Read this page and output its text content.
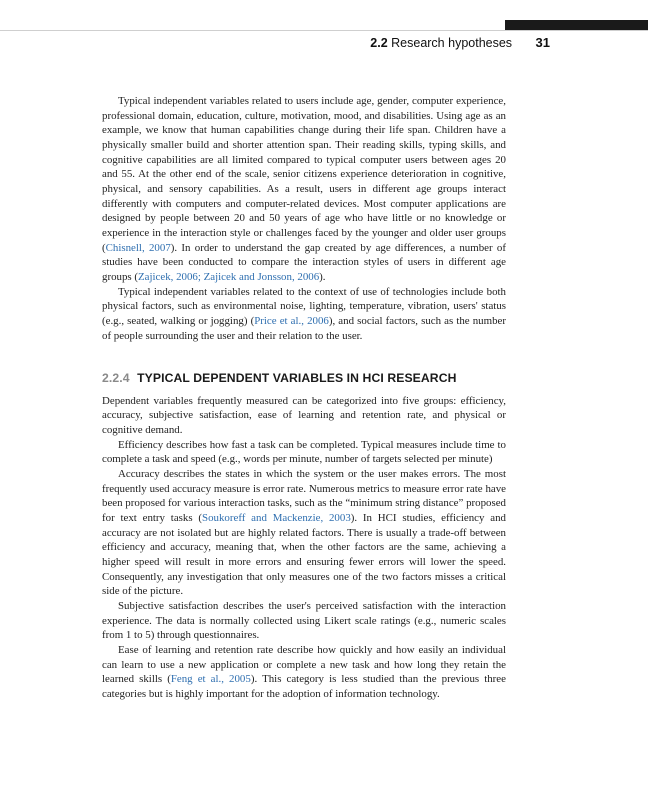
2.2 Research hypotheses 31

Typical independent variables related to users include age, gender, computer experience, professional domain, education, culture, motivation, mood, and disabilities. Using age as an example, we know that human capabilities change during their life span. Children have a physically smaller build and shorter attention span. Their reading skills, typing skills, and cognitive capabilities are all limited compared to typical computer users between ages 20 and 55. At the other end of the scale, senior citizens experience deterioration in cognitive, physical, and sensory capabilities. As a result, users in different age groups interact differently with computers and computer-related devices. Most computer applications are designed by people between 20 and 50 years of age who have little or no knowledge or experience in the interaction style or challenges faced by the younger and older user groups (Chisnell, 2007). In order to understand the gap created by age differences, a number of studies have been conducted to compare the interaction styles of users in different age groups (Zajicek, 2006; Zajicek and Jonsson, 2006).

Typical independent variables related to the context of use of technologies include both physical factors, such as environmental noise, lighting, temperature, vibration, users' status (e.g., seated, walking or jogging) (Price et al., 2006), and social factors, such as the number of people surrounding the user and their relation to the user.

2.2.4 TYPICAL DEPENDENT VARIABLES IN HCI RESEARCH

Dependent variables frequently measured can be categorized into five groups: efficiency, accuracy, subjective satisfaction, ease of learning and retention rate, and physical or cognitive demand.

Efficiency describes how fast a task can be completed. Typical measures include time to complete a task and speed (e.g., words per minute, number of targets selected per minute)

Accuracy describes the states in which the system or the user makes errors. The most frequently used accuracy measure is error rate. Numerous metrics to measure error rate have been proposed for various interaction tasks, such as the “minimum string distance” proposed for text entry tasks (Soukoreff and Mackenzie, 2003). In HCI studies, efficiency and accuracy are not isolated but are highly related factors. There is usually a trade-off between efficiency and accuracy, meaning that, when the other factors are the same, achieving a higher speed will result in more errors and ensuring fewer errors will lower the speed. Consequently, any investigation that only measures one of the two factors misses a critical side of the picture.

Subjective satisfaction describes the user's perceived satisfaction with the interaction experience. The data is normally collected using Likert scale ratings (e.g., numeric scales from 1 to 5) through questionnaires.

Ease of learning and retention rate describe how quickly and how easily an individual can learn to use a new application or complete a new task and how long they retain the learned skills (Feng et al., 2005). This category is less studied than the previous three categories but is highly important for the adoption of information technology.
